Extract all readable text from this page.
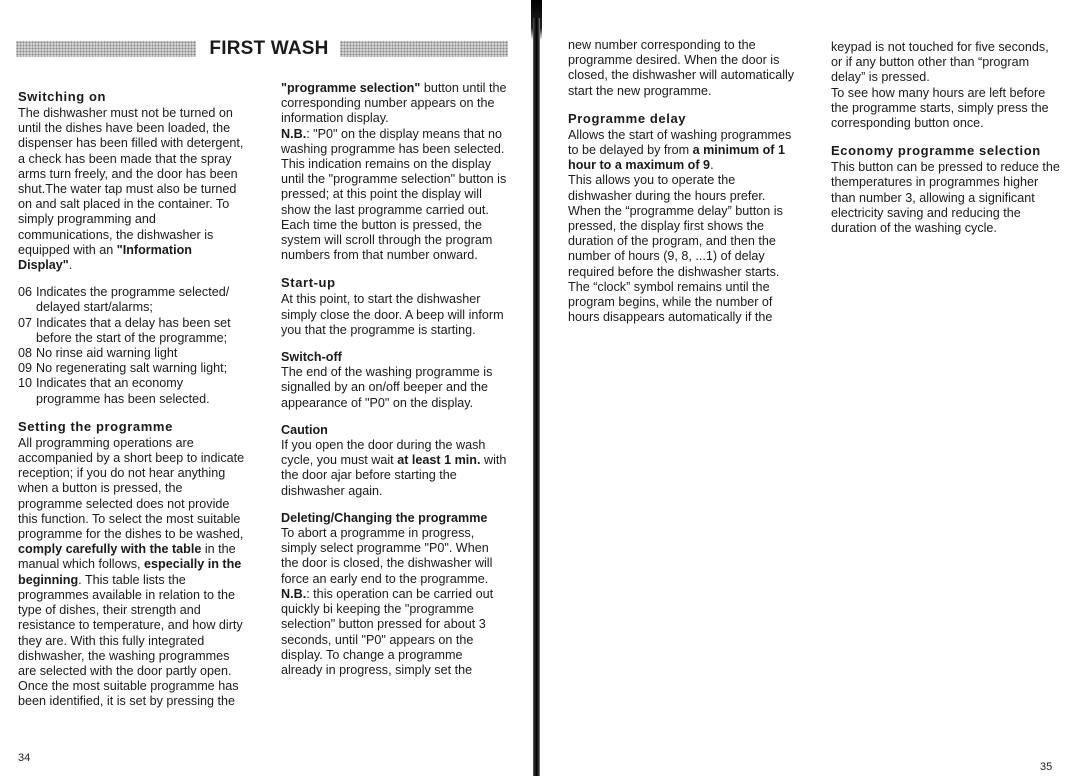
FIRST WASH
Switching on

The dishwasher must not be turned on until the dishes have been loaded, the dispenser has been filled with detergent, a check has been made that the spray arms turn freely, and the door has been shut.The water tap must also be turned on and salt placed in the container. To simply programming and communications, the dishwasher is equipped with an "Information Display".

06 Indicates the programme selected/ delayed start/alarms;
07 Indicates that a delay has been set before the start of the programme;
08 No rinse aid warning light
09 No regenerating salt warning light;
10 Indicates that an economy programme has been selected.
Setting the programme

All programming operations are accompanied by a short beep to indicate reception; if you do not hear anything when a button is pressed, the programme selected does not provide this function. To select the most suitable programme for the dishes to be washed, comply carefully with the table in the manual which follows, especially in the beginning. This table lists the programmes available in relation to the type of dishes, their strength and resistance to temperature, and how dirty they are. With this fully integrated dishwasher, the washing programmes are selected with the door partly open. Once the most suitable programme has been identified, it is set by pressing the

"programme selection" button until the corresponding number appears on the information display.

N.B.: "P0" on the display means that no washing programme has been selected. This indication remains on the display until the "programme selection" button is pressed; at this point the display will show the last programme carried out. Each time the button is pressed, the system will scroll through the program numbers from that number onward.

Start-up

At this point, to start the dishwasher simply close the door. A beep will inform you that the programme is starting.

Switch-off

The end of the washing programme is signalled by an on/off beeper and the appearance of "P0" on the display.

Caution

If you open the door during the wash cycle, you must wait at least 1 min. with the door ajar before starting the dishwasher again.

Deleting/Changing the programme

To abort a programme in progress, simply select programme "P0". When the door is closed, the dishwasher will force an early end to the programme.

N.B.: this operation can be carried out quickly bi keeping the "programme selection" button pressed for about 3 seconds, until "P0" appears on the display. To change a programme already in progress, simply set the

34
35

new number corresponding to the programme desired. When the door is closed, the dishwasher will automatically start the new programme.

Programme delay

Allows the start of washing programmes to be delayed by from a minimum of 1 hour to a maximum of 9.

This allows you to operate the dishwasher during the hours prefer. When the “programme delay” button is pressed, the display first shows the duration of the program, and then the number of hours (9, 8, ...1) of delay required before the dishwasher starts. The “clock” symbol remains until the program begins, while the number of hours disappears automatically if the

keypad is not touched for five seconds, or if any button other than “program delay” is pressed.

To see how many hours are left before the programme starts, simply press the corresponding button once.

Economy programme selection

This button can be pressed to reduce the themperatures in programmes higher than number 3, allowing a significant electricity saving and reducing the duration of the washing cycle.
